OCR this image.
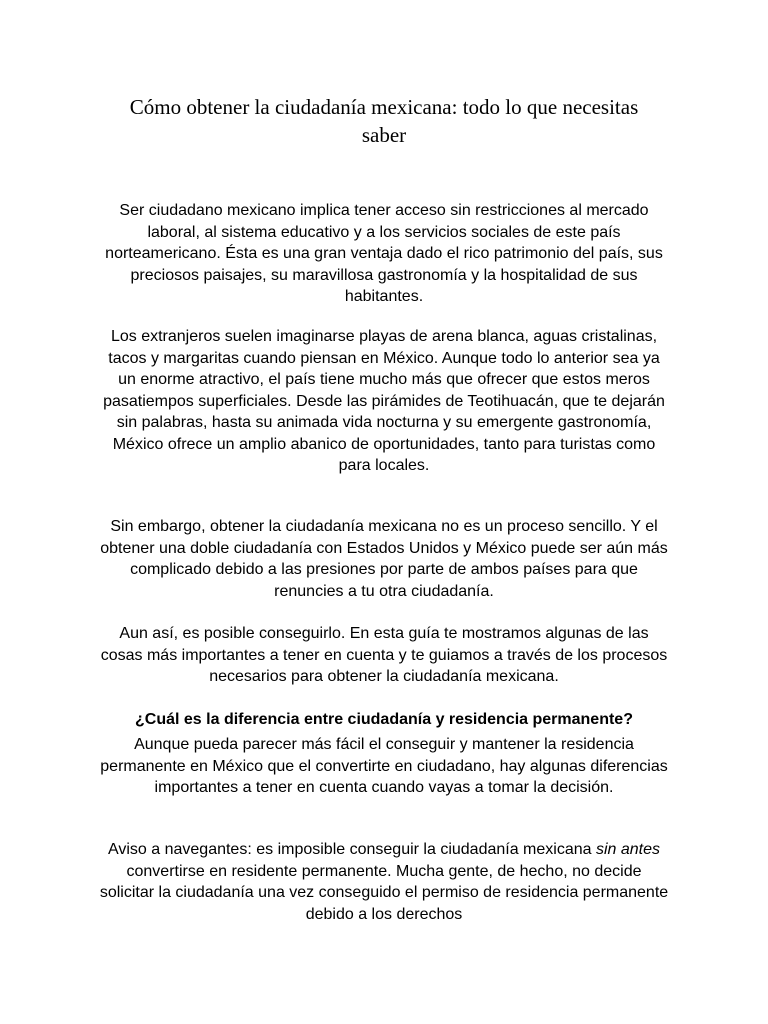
Cómo obtener la ciudadanía mexicana: todo lo que necesitas saber

Ser ciudadano mexicano implica tener acceso sin restricciones al mercado laboral, al sistema educativo y a los servicios sociales de este país norteamericano. Ésta es una gran ventaja dado el rico patrimonio del país, sus preciosos paisajes, su maravillosa gastronomía y la hospitalidad de sus habitantes.

Los extranjeros suelen imaginarse playas de arena blanca, aguas cristalinas, tacos y margaritas cuando piensan en México. Aunque todo lo anterior sea ya un enorme atractivo, el país tiene mucho más que ofrecer que estos meros pasatiempos superficiales. Desde las pirámides de Teotihuacán, que te dejarán sin palabras, hasta su animada vida nocturna y su emergente gastronomía, México ofrece un amplio abanico de oportunidades, tanto para turistas como para locales.

Sin embargo, obtener la ciudadanía mexicana no es un proceso sencillo. Y el obtener una doble ciudadanía con Estados Unidos y México puede ser aún más complicado debido a las presiones por parte de ambos países para que renuncies a tu otra ciudadanía.

Aun así, es posible conseguirlo. En esta guía te mostramos algunas de las cosas más importantes a tener en cuenta y te guiamos a través de los procesos necesarios para obtener la ciudadanía mexicana.

¿Cuál es la diferencia entre ciudadanía y residencia permanente?

Aunque pueda parecer más fácil el conseguir y mantener la residencia permanente en México que el convertirte en ciudadano, hay algunas diferencias importantes a tener en cuenta cuando vayas a tomar la decisión.

Aviso a navegantes: es imposible conseguir la ciudadanía mexicana sin antes convertirse en residente permanente. Mucha gente, de hecho, no decide solicitar la ciudadanía una vez conseguido el permiso de residencia permanente debido a los derechos
